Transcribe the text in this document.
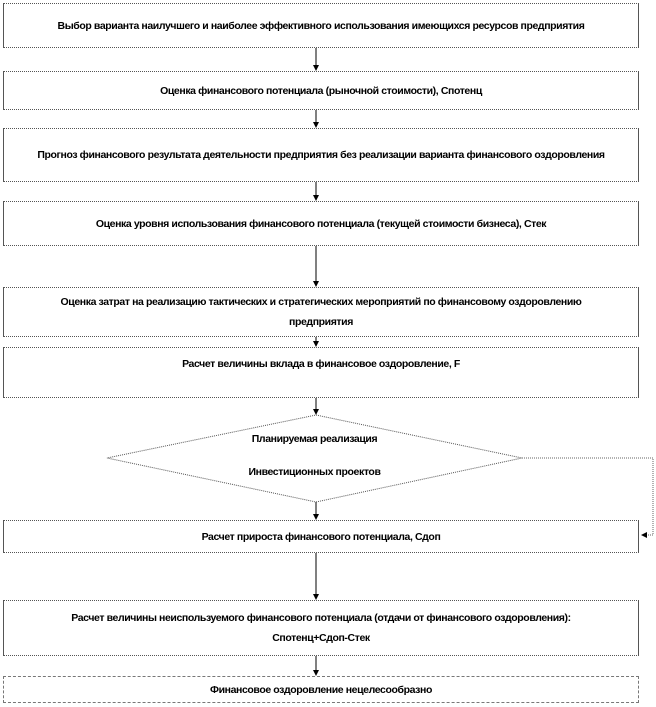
Выбор варианта наилучшего и наиболее эффективного использования имеющихся ресурсов предприятия
Оценка финансового потенциала (рыночной стоимости), Спотенц
Прогноз финансового результата деятельности предприятия без реализации варианта финансового оздоровления
Оценка уровня использования финансового потенциала (текущей стоимости бизнеса), Стек
Оценка затрат на реализацию тактических и стратегических мероприятий по финансовому оздоровлению предприятия
Расчет величины вклада в финансовое оздоровление, F
Планируемая реализация
Инвестиционных проектов
Расчет прироста финансового потенциала, Сдоп
Расчет величины неиспользуемого финансового потенциала (отдачи от финансового оздоровления): Спотенц+Сдоп-Стек
Финансовое оздоровление нецелесообразно
